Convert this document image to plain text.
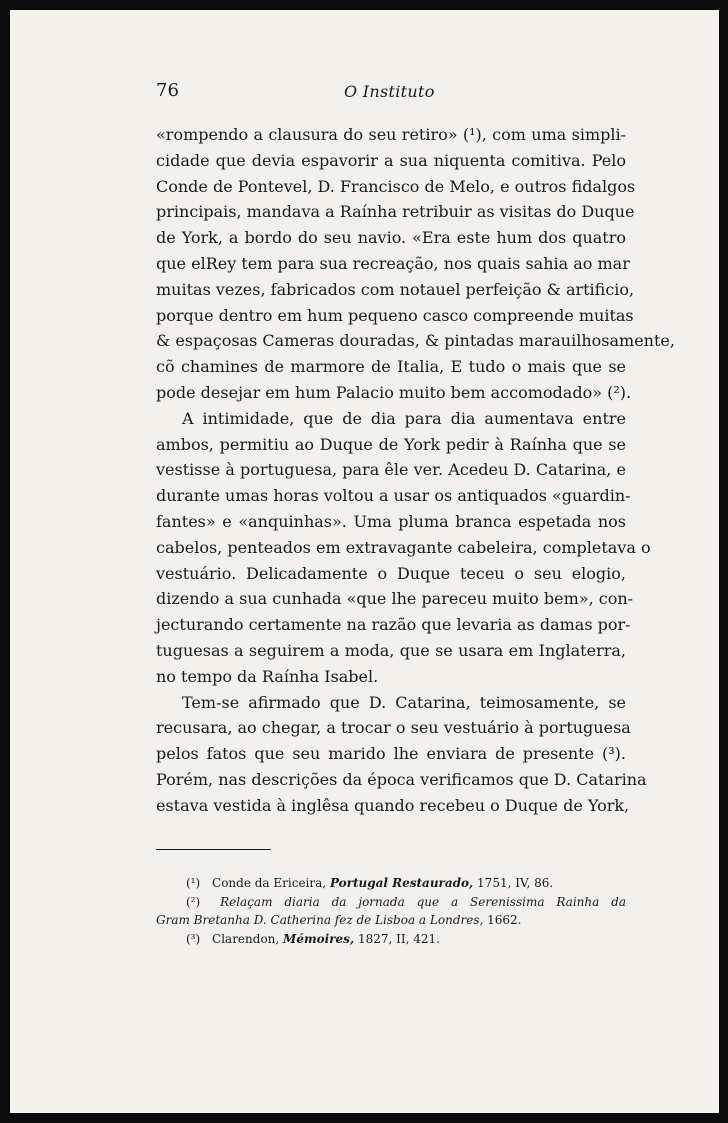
76	O Instituto
«rompendo a clausura do seu retiro» (¹), com uma simpli-
cidade que devia espavorir a sua niquenta comitiva. Pelo
Conde de Pontevel, D. Francisco de Melo, e outros fidalgos
principais, mandava a Raínha retribuir as visitas do Duque
de York, a bordo do seu navio. «Era este hum dos quatro
que elRey tem para sua recreação, nos quais sahia ao mar
muitas vezes, fabricados com notauel perfeição & artificio,
porque dentro em hum pequeno casco compreende muitas
& espaçosas Cameras douradas, & pintadas marauilhosamente,
cõ chamines de marmore de Italia, E tudo o mais que se
pode desejar em hum Palacio muito bem accomodado» (²).
A intimidade, que de dia para dia aumentava entre
ambos, permitiu ao Duque de York pedir à Raínha que se
vestisse à portuguesa, para êle ver. Acedeu D. Catarina, e
durante umas horas voltou a usar os antiquados «guardin-
fantes» e «anquinhas». Uma pluma branca espetada nos
cabelos, penteados em extravagante cabeleira, completava o
vestuário. Delicadamente o Duque teceu o seu elogio,
dizendo a sua cunhada «que lhe pareceu muito bem», con-
jecturando certamente na razão que levaria as damas por-
tuguesas a seguirem a moda, que se usara em Inglaterra,
no tempo da Raínha Isabel.
Tem-se afirmado que D. Catarina, teimosamente, se
recusara, ao chegar, a trocar o seu vestuário à portuguesa
pelos fatos que seu marido lhe enviara de presente (³).
Porém, nas descrições da época verificamos que D. Catarina
estava vestida à inglêsa quando recebeu o Duque de York,
(¹) Conde da Ericeira, Portugal Restaurado, 1751, IV, 86.
(²) Relaçam diaria da jornada que a Serenissima Rainha da
Gram Bretanha D. Catherina fez de Lisboa a Londres, 1662.
(³) Clarendon, Mémoires, 1827, II, 421.
